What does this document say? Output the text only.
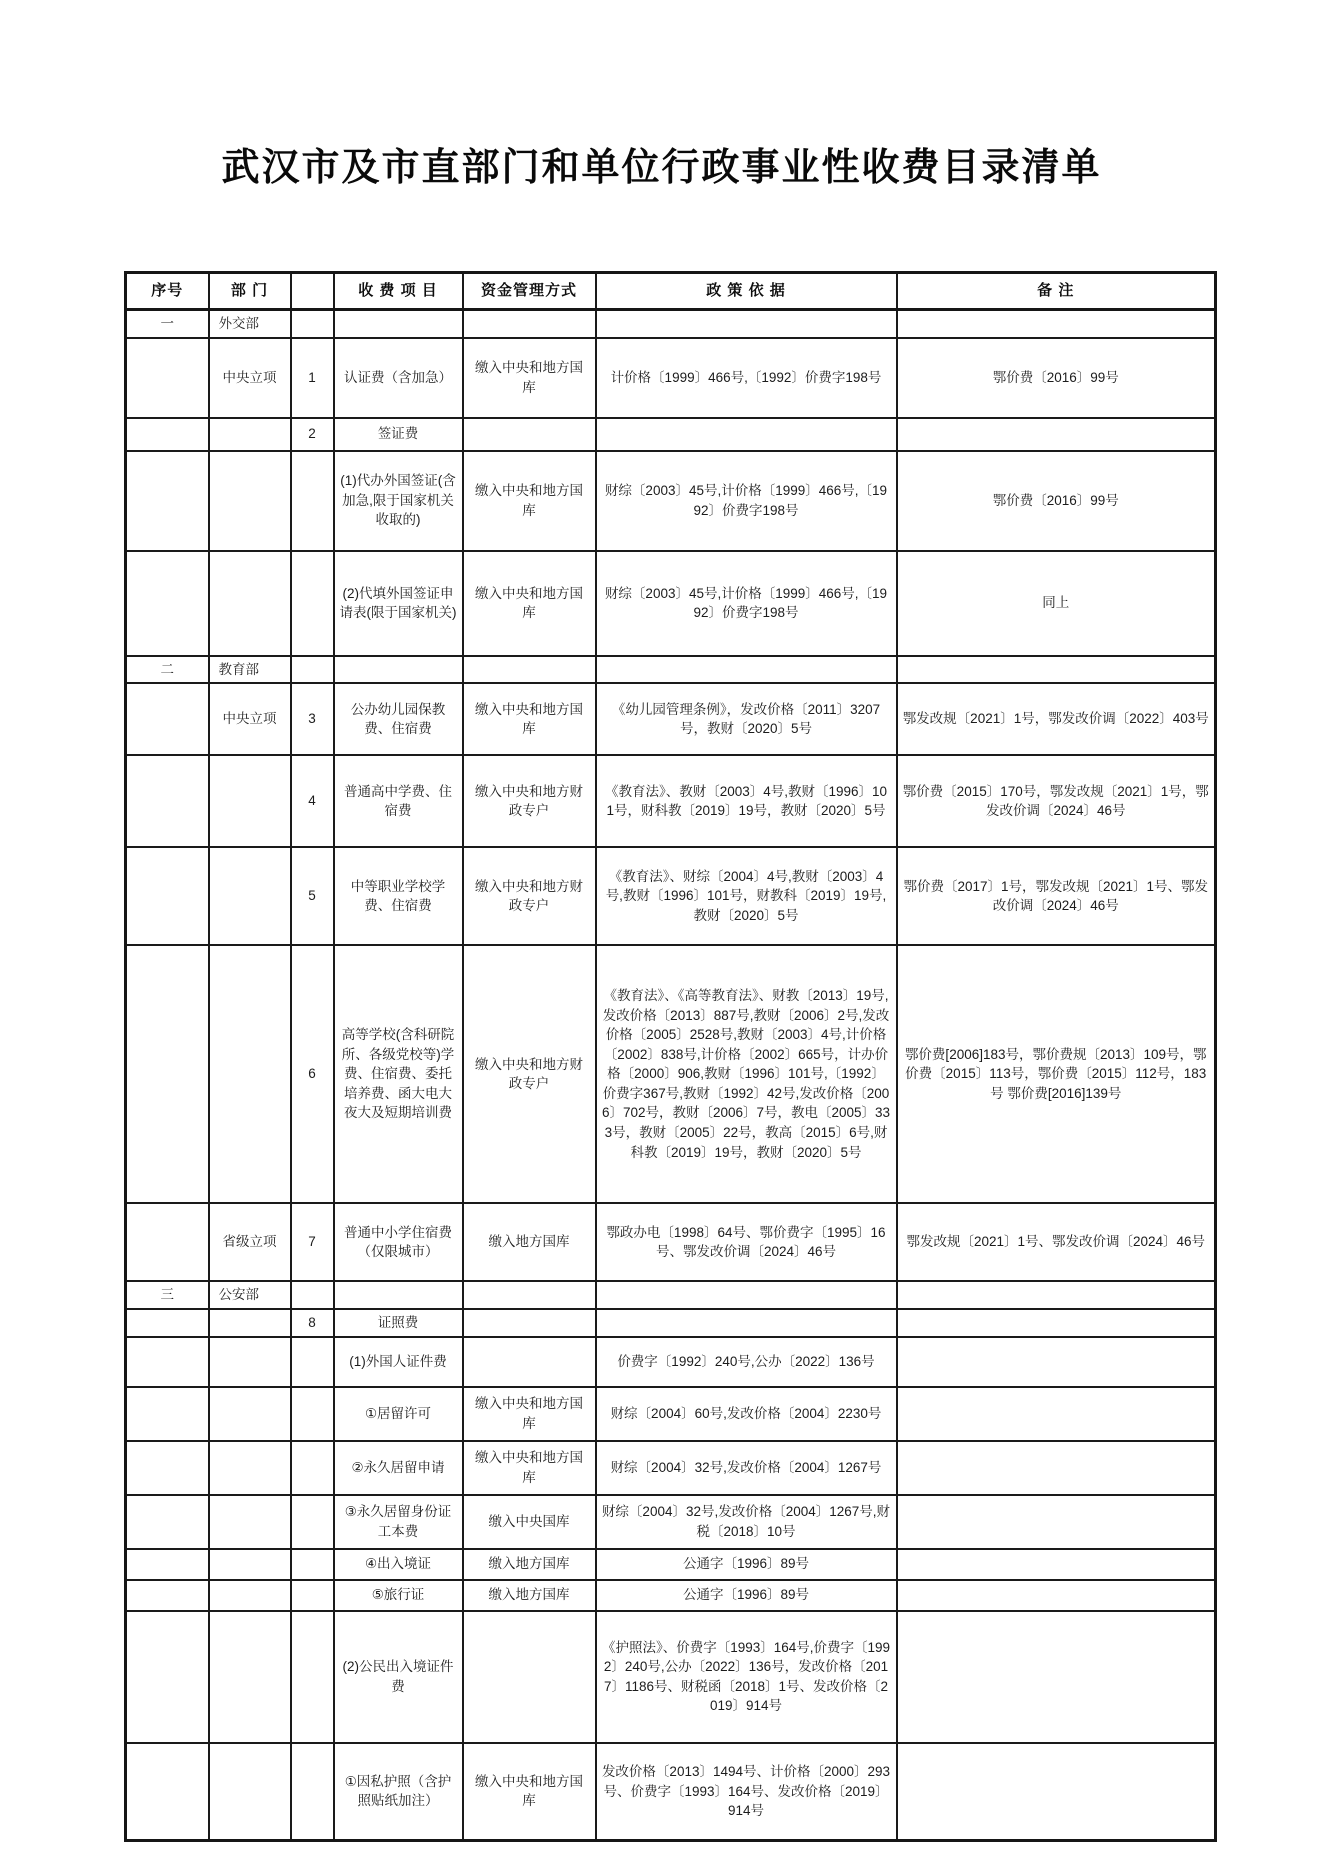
武汉市及市直部门和单位行政事业性收费目录清单
序号	部 门		收 费 项 目	资金管理方式	政 策 依 据	备 注
一	外交部					
	中央立项	1	认证费（含加急）	缴入中央和地方国库	计价格〔1999〕466号,〔1992〕价费字198号	鄂价费〔2016〕99号
		2	签证费			
			(1)代办外国签证(含加急,限于国家机关收取的)	缴入中央和地方国库	财综〔2003〕45号,计价格〔1999〕466号,〔1992〕价费字198号	鄂价费〔2016〕99号
			(2)代填外国签证申请表(限于国家机关)	缴入中央和地方国库	财综〔2003〕45号,计价格〔1999〕466号,〔1992〕价费字198号	同上
二	教育部					
	中央立项	3	公办幼儿园保教费、住宿费	缴入中央和地方国库	《幼儿园管理条例》，发改价格〔2011〕3207号，教财〔2020〕5号	鄂发改规〔2021〕1号，鄂发改价调〔2022〕403号
		4	普通高中学费、住宿费	缴入中央和地方财政专户	《教育法》、教财〔2003〕4号,教财〔1996〕101号，财科教〔2019〕19号，教财〔2020〕5号	鄂价费〔2015〕170号，鄂发改规〔2021〕1号，鄂发改价调〔2024〕46号
		5	中等职业学校学费、住宿费	缴入中央和地方财政专户	《教育法》、财综〔2004〕4号,教财〔2003〕4号,教财〔1996〕101号，财教科〔2019〕19号,教财〔2020〕5号	鄂价费〔2017〕1号，鄂发改规〔2021〕1号、鄂发改价调〔2024〕46号
		6	高等学校(含科研院所、各级党校等)学费、住宿费、委托培养费、函大电大夜大及短期培训费	缴入中央和地方财政专户	《教育法》、《高等教育法》、财教〔2013〕19号,发改价格〔2013〕887号,教财〔2006〕2号,发改价格〔2005〕2528号,教财〔2003〕4号,计价格〔2002〕838号,计价格〔2002〕665号，计办价格〔2000〕906,教财〔1996〕101号,〔1992〕价费字367号,教财〔1992〕42号,发改价格〔2006〕702号，教财〔2006〕7号，教电〔2005〕333号，教财〔2005〕22号，教高〔2015〕6号,财科教〔2019〕19号，教财〔2020〕5号	鄂价费[2006]183号，鄂价费规〔2013〕109号，鄂价费〔2015〕113号，鄂价费〔2015〕112号，183号 鄂价费[2016]139号
	省级立项	7	普通中小学住宿费（仅限城市）	缴入地方国库	鄂政办电〔1998〕64号、鄂价费字〔1995〕16号、鄂发改价调〔2024〕46号	鄂发改规〔2021〕1号、鄂发改价调〔2024〕46号
三	公安部					
		8	证照费			
			(1)外国人证件费		价费字〔1992〕240号,公办〔2022〕136号	
			①居留许可	缴入中央和地方国库	财综〔2004〕60号,发改价格〔2004〕2230号	
			②永久居留申请	缴入中央和地方国库	财综〔2004〕32号,发改价格〔2004〕1267号	
			③永久居留身份证工本费	缴入中央国库	财综〔2004〕32号,发改价格〔2004〕1267号,财税〔2018〕10号	
			④出入境证	缴入地方国库	公通字〔1996〕89号	
			⑤旅行证	缴入地方国库	公通字〔1996〕89号	
			(2)公民出入境证件费		《护照法》、价费字〔1993〕164号,价费字〔1992〕240号,公办〔2022〕136号，发改价格〔2017〕1186号、财税函〔2018〕1号、发改价格〔2019〕914号	
			①因私护照（含护照贴纸加注）	缴入中央和地方国库	发改价格〔2013〕1494号、计价格〔2000〕293号、价费字〔1993〕164号、发改价格〔2019〕914号	
